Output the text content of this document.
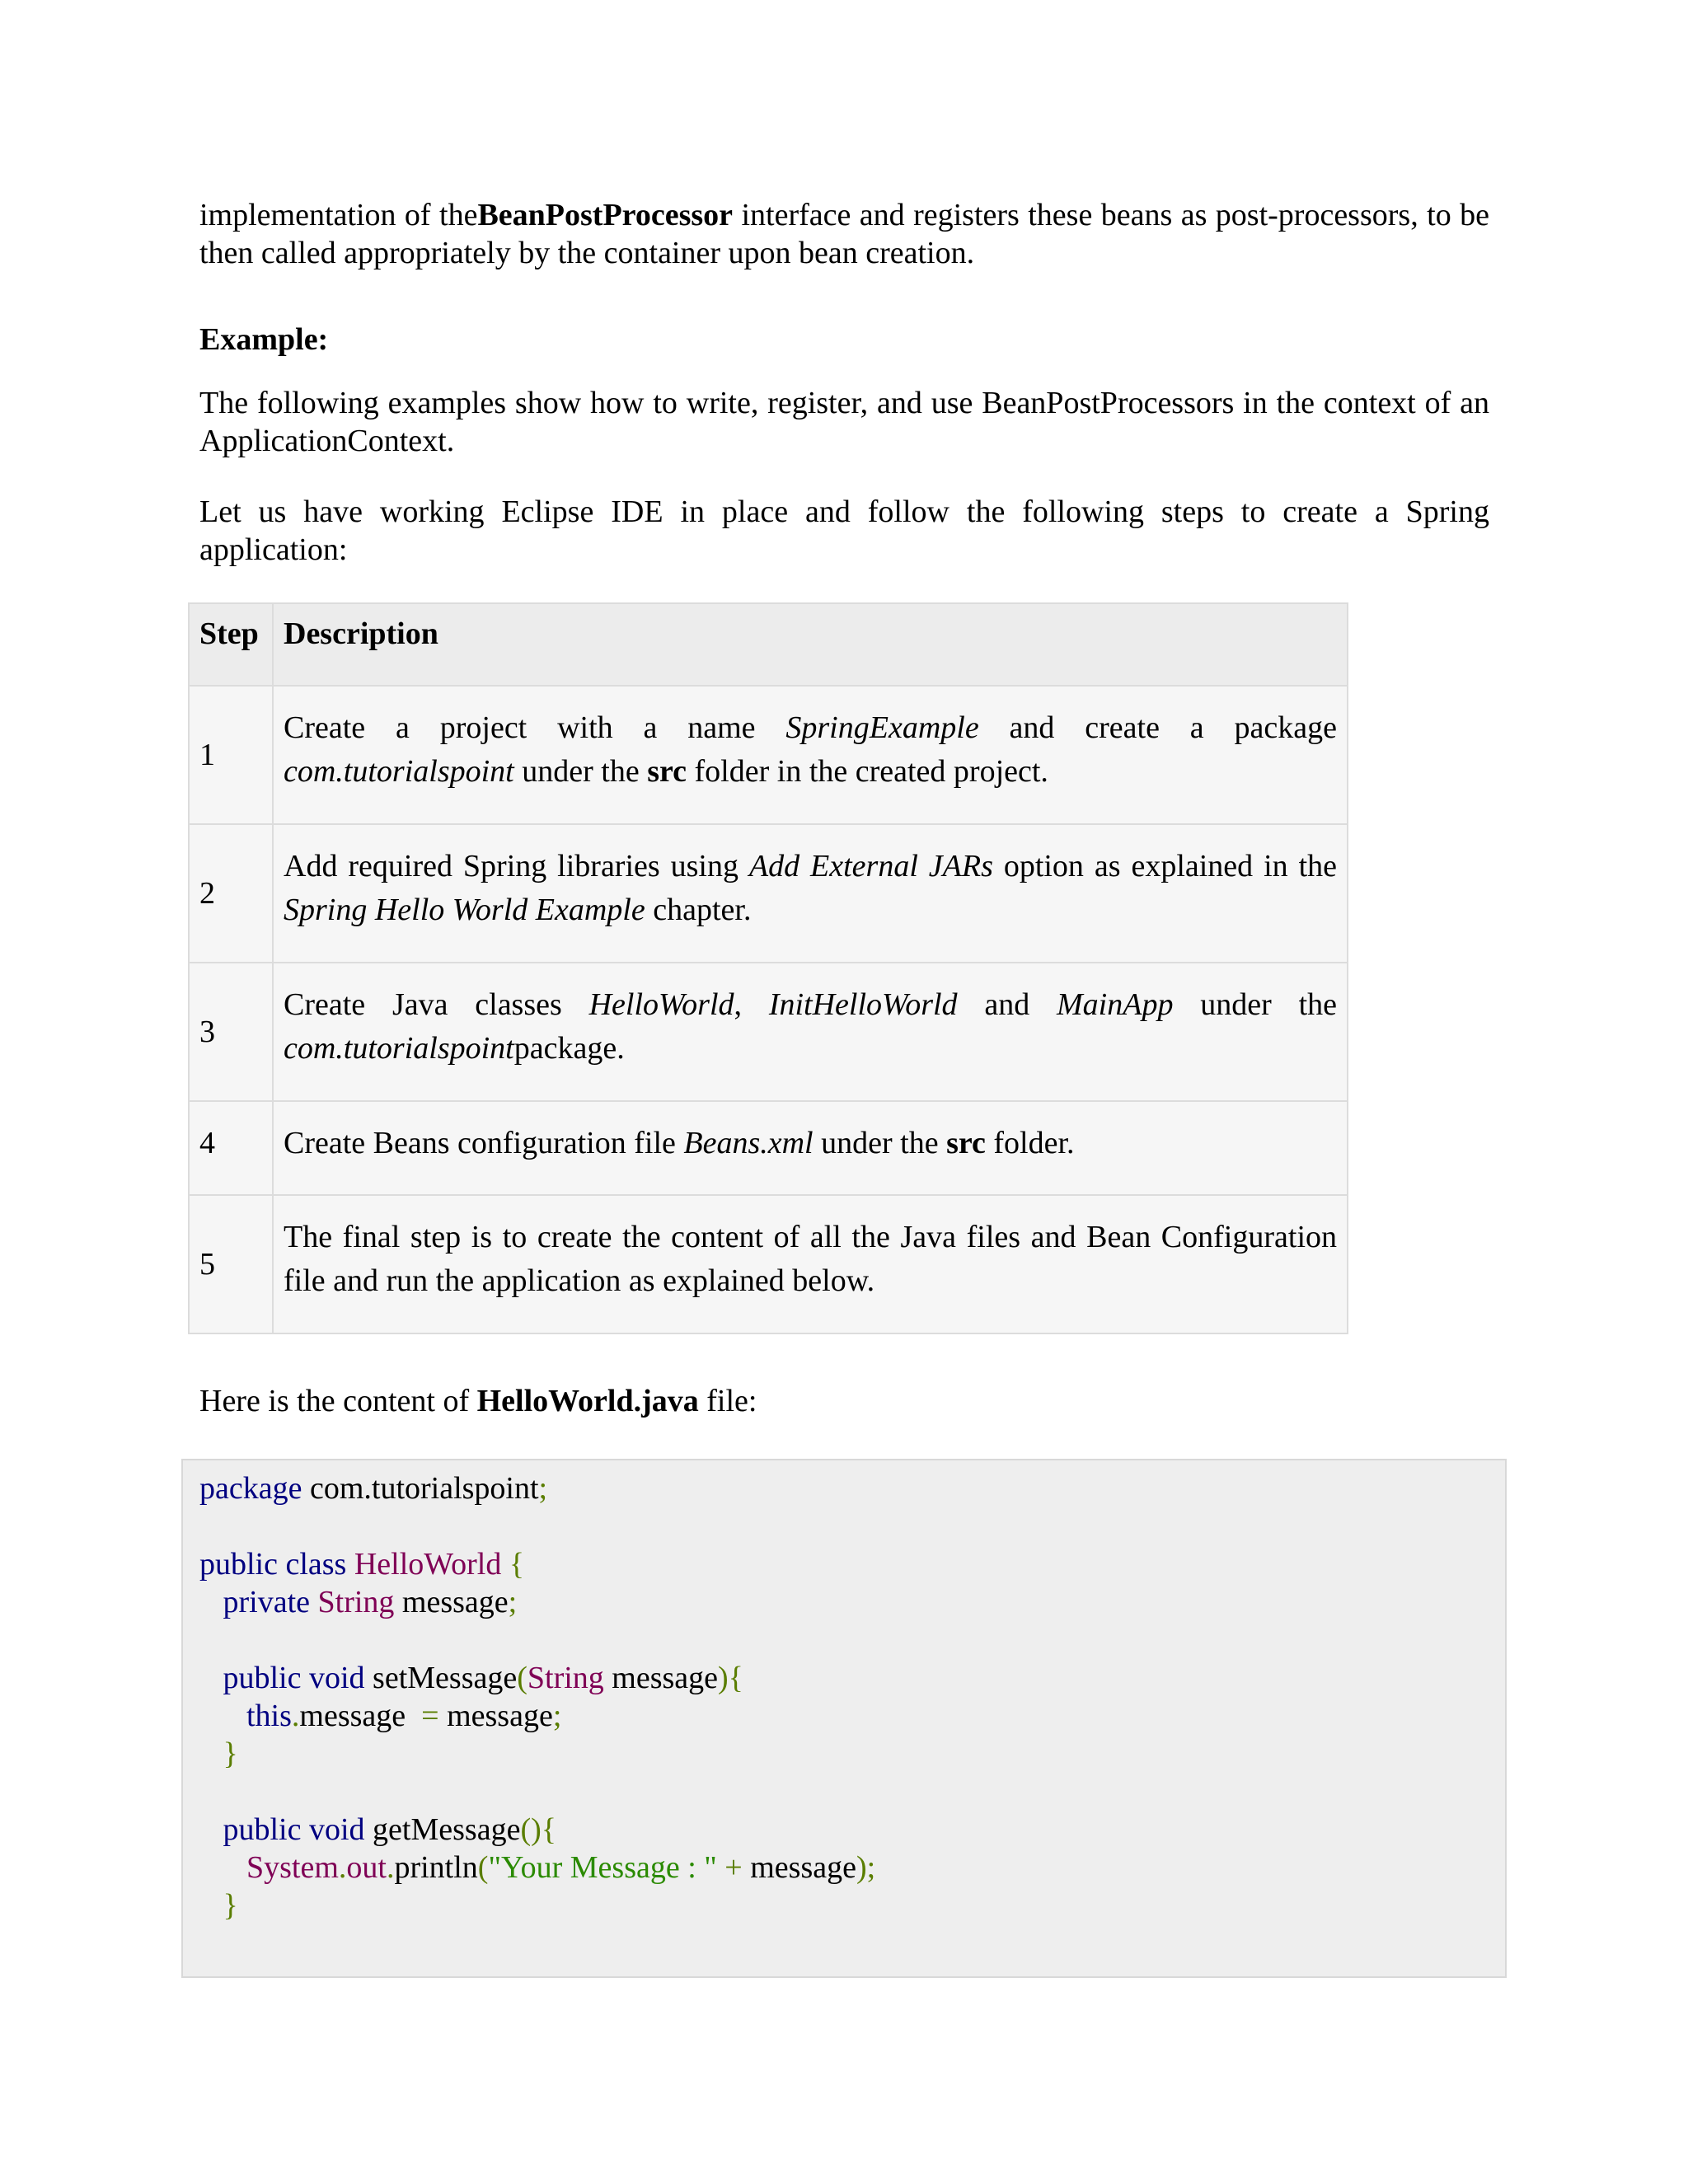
implementation of theBeanPostProcessor interface and registers these beans as post-processors, to be then called appropriately by the container upon bean creation.

Example:

The following examples show how to write, register, and use BeanPostProcessors in the context of an ApplicationContext.

Let us have working Eclipse IDE in place and follow the following steps to create a Spring application:

Step	Description
1	Create a project with a name SpringExample and create a package com.tutorialspoint under the src folder in the created project.
2	Add required Spring libraries using Add External JARs option as explained in the Spring Hello World Example chapter.
3	Create Java classes HelloWorld, InitHelloWorld and MainApp under the com.tutorialspointpackage.
4	Create Beans configuration file Beans.xml under the src folder.
5	The final step is to create the content of all the Java files and Bean Configuration file and run the application as explained below.

Here is the content of HelloWorld.java file:

package com.tutorialspoint;

public class HelloWorld {
private String message;

public void setMessage(String message){
this.message  = message;
}

public void getMessage(){
System.out.println("Your Message : " + message);
}
